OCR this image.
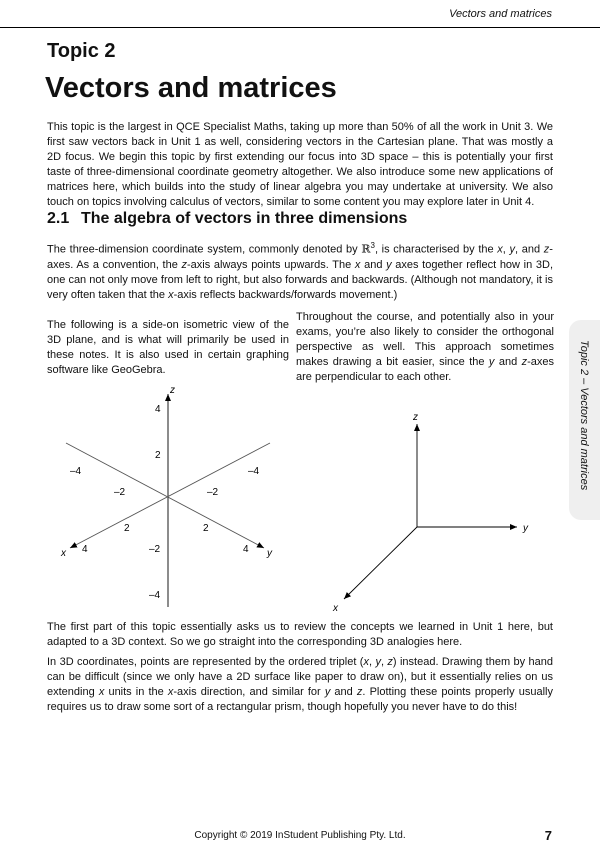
Vectors and matrices
Topic 2
Vectors and matrices

This topic is the largest in QCE Specialist Maths, taking up more than 50% of all the work in Unit 3. We first saw vectors back in Unit 1 as well, considering vectors in the Cartesian plane. That was mostly a 2D focus. We begin this topic by first extending our focus into 3D space – this is potentially your first taste of three-dimensional coordinate geometry altogether. We also introduce some new applications of matrices here, which builds into the study of linear algebra you may undertake at university. We also touch on topics involving calculus of vectors, similar to some content you may explore later in Unit 4.

2.1 The algebra of vectors in three dimensions

The three-dimension coordinate system, commonly denoted by ℝ$^3$, is characterised by the x, y, and z-axes. As a convention, the z-axis always points upwards. The x and y axes together reflect how in 3D, one can not only move from left to right, but also forwards and backwards. (Although not mandatory, it is very often taken that the x-axis reflects backwards/forwards movement.)

The following is a side-on isometric view of the 3D plane, and is what will primarily be used in these notes. It is also used in certain graphing software like GeoGebra.

Throughout the course, and potentially also in your exams, you’re also likely to consider the orthogonal perspective as well. This approach sometimes makes drawing a bit easier, since the y and z-axes are perpendicular to each other.

z
x	y
4
2
–2
–4
–4
–2
2
4
–4
–2
2
4
z
y
x

The first part of this topic essentially asks us to review the concepts we learned in Unit 1 here, but adapted to a 3D context. So we go straight into the corresponding 3D analogies here.

In 3D coordinates, points are represented by the ordered triplet (x, y, z) instead. Drawing them by hand can be difficult (since we only have a 2D surface like paper to draw on), but it essentially relies on us extending x units in the x-axis direction, and similar for y and z. Plotting these points properly usually requires us to draw some sort of a rectangular prism, though hopefully you never have to do this!

Topic 2 – Vectors and matrices
Copyright © 2019 InStudent Publishing Pty. Ltd.	7
